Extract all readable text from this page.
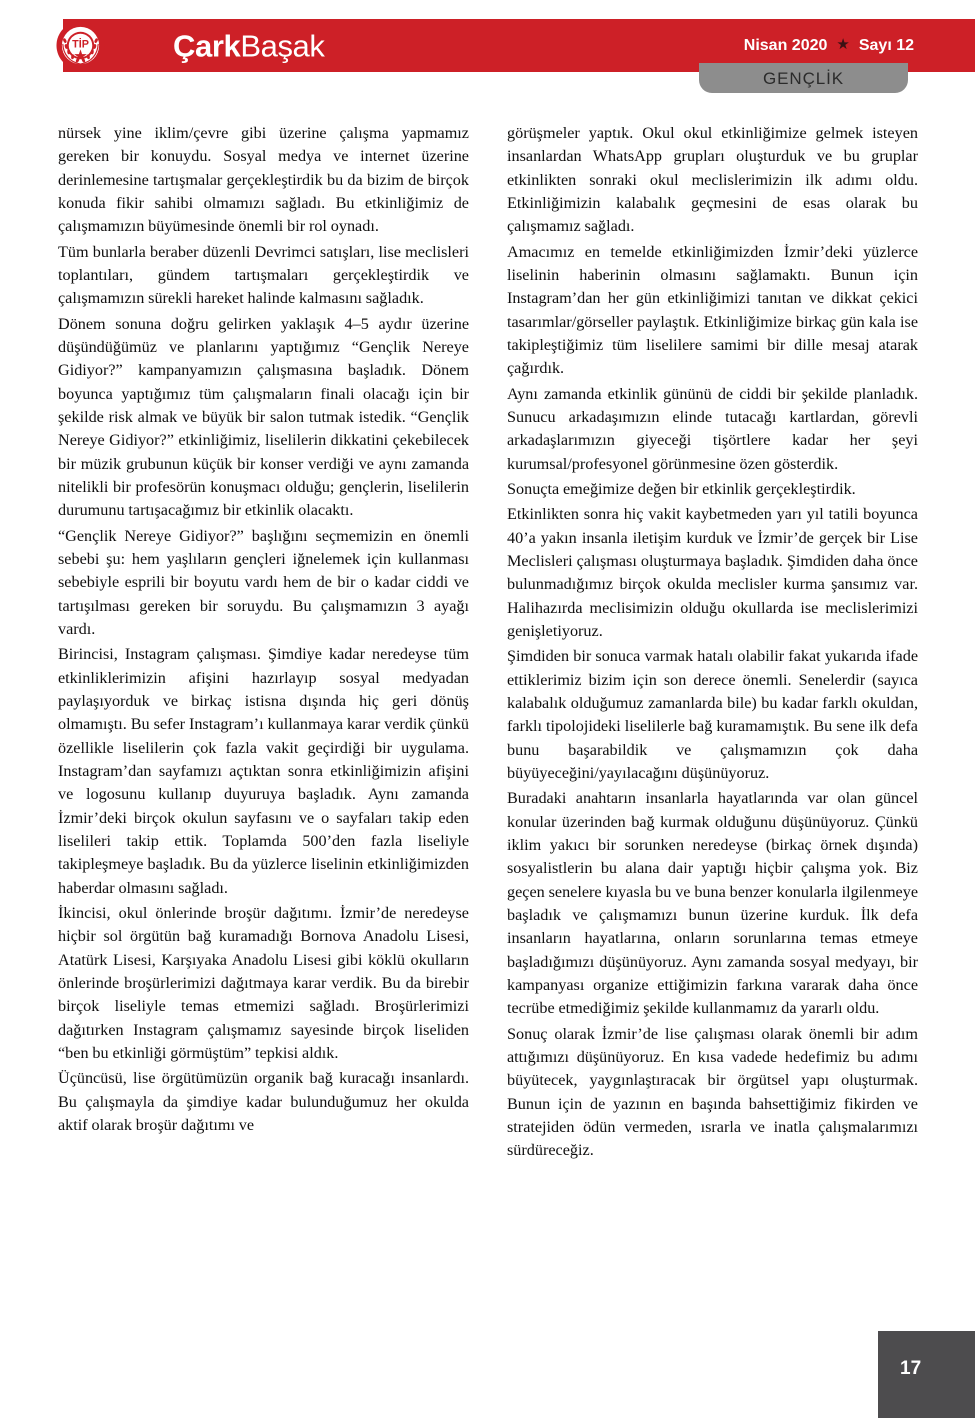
ÇarkBaşak	Nisan 2020 ★ Sayı 12
TİP
GENÇLİK

nürsek yine iklim/çevre gibi üzerine çalışma yapmamız gereken bir konuydu. Sosyal medya ve internet üzerine derinlemesine tartışmalar gerçekleştirdik bu da bizim de birçok konuda fikir sahibi olmamızı sağladı. Bu etkinliğimiz de çalışmamızın büyümesinde önemli bir rol oynadı.

Tüm bunlarla beraber düzenli Devrimci satışları, lise meclisleri toplantıları, gündem tartışmaları gerçekleştirdik ve çalışmamızın sürekli hareket halinde kalmasını sağladık.

Dönem sonuna doğru gelirken yaklaşık 4–5 aydır üzerine düşündüğümüz ve planlarını yaptığımız “Gençlik Nereye Gidiyor?” kampanyamızın çalışmasına başladık. Dönem boyunca yaptığımız tüm çalışmaların finali olacağı için bir şekilde risk almak ve büyük bir salon tutmak istedik. “Gençlik Nereye Gidiyor?” etkinliğimiz, liselilerin dikkatini çekebilecek bir müzik grubunun küçük bir konser verdiği ve aynı zamanda nitelikli bir profesörün konuşmacı olduğu; gençlerin, liselilerin durumunu tartışacağımız bir etkinlik olacaktı.

“Gençlik Nereye Gidiyor?” başlığını seçmemizin en önemli sebebi şu: hem yaşlıların gençleri iğnelemek için kullanması sebebiyle esprili bir boyutu vardı hem de bir o kadar ciddi ve tartışılması gereken bir soruydu. Bu çalışmamızın 3 ayağı vardı.

Birincisi, Instagram çalışması. Şimdiye kadar neredeyse tüm etkinliklerimizin afişini hazırlayıp sosyal medyadan paylaşıyorduk ve birkaç istisna dışında hiç geri dönüş olmamıştı. Bu sefer Instagram’ı kullanmaya karar verdik çünkü özellikle liselilerin çok fazla vakit geçirdiği bir uygulama. Instagram’dan sayfamızı açtıktan sonra etkinliğimizin afişini ve logosunu kullanıp duyuruya başladık. Aynı zamanda İzmir’deki birçok okulun sayfasını ve o sayfaları takip eden liselileri takip ettik. Toplamda 500’den fazla liseliyle takipleşmeye başladık. Bu da yüzlerce liselinin etkinliğimizden haberdar olmasını sağladı.

İkincisi, okul önlerinde broşür dağıtımı. İzmir’de neredeyse hiçbir sol örgütün bağ kuramadığı Bornova Anadolu Lisesi, Atatürk Lisesi, Karşıyaka Anadolu Lisesi gibi köklü okulların önlerinde broşürlerimizi dağıtmaya karar verdik. Bu da birebir birçok liseliyle temas etmemizi sağladı. Broşürlerimizi dağıtırken Instagram çalışmamız sayesinde birçok liseliden “ben bu etkinliği görmüştüm” tepkisi aldık.

Üçüncüsü, lise örgütümüzün organik bağ kuracağı insanlardı. Bu çalışmayla da şimdiye kadar bulunduğumuz her okulda aktif olarak broşür dağıtımı ve

görüşmeler yaptık. Okul okul etkinliğimize gelmek isteyen insanlardan WhatsApp grupları oluşturduk ve bu gruplar etkinlikten sonraki okul meclislerimizin ilk adımı oldu. Etkinliğimizin kalabalık geçmesini de esas olarak bu çalışmamız sağladı.

Amacımız en temelde etkinliğimizden İzmir’deki yüzlerce liselinin haberinin olmasını sağlamaktı. Bunun için Instagram’dan her gün etkinliğimizi tanıtan ve dikkat çekici tasarımlar/görseller paylaştık. Etkinliğimize birkaç gün kala ise takipleştiğimiz tüm liselilere samimi bir dille mesaj atarak çağırdık.

Aynı zamanda etkinlik gününü de ciddi bir şekilde planladık. Sunucu arkadaşımızın elinde tutacağı kartlardan, görevli arkadaşlarımızın giyeceği tişörtlere kadar her şeyi kurumsal/profesyonel görünmesine özen gösterdik.

Sonuçta emeğimize değen bir etkinlik gerçekleştirdik.

Etkinlikten sonra hiç vakit kaybetmeden yarı yıl tatili boyunca 40’a yakın insanla iletişim kurduk ve İzmir’de gerçek bir Lise Meclisleri çalışması oluşturmaya başladık. Şimdiden daha önce bulunmadığımız birçok okulda meclisler kurma şansımız var. Halihazırda meclisimizin olduğu okullarda ise meclislerimizi genişletiyoruz.

Şimdiden bir sonuca varmak hatalı olabilir fakat yukarıda ifade ettiklerimiz bizim için son derece önemli. Senelerdir (sayıca kalabalık olduğumuz zamanlarda bile) bu kadar farklı okuldan, farklı tipolojideki liselilerle bağ kuramamıştık. Bu sene ilk defa bunu başarabildik ve çalışmamızın çok daha büyüyeceğini/yayılacağını düşünüyoruz.

Buradaki anahtarın insanlarla hayatlarında var olan güncel konular üzerinden bağ kurmak olduğunu düşünüyoruz. Çünkü iklim yakıcı bir sorunken neredeyse (birkaç örnek dışında) sosyalistlerin bu alana dair yaptığı hiçbir çalışma yok. Biz geçen senelere kıyasla bu ve buna benzer konularla ilgilenmeye başladık ve çalışmamızı bunun üzerine kurduk. İlk defa insanların hayatlarına, onların sorunlarına temas etmeye başladığımızı düşünüyoruz. Aynı zamanda sosyal medyayı, bir kampanyası organize ettiğimizin farkına vararak daha önce tecrübe etmediğimiz şekilde kullanmamız da yararlı oldu.

Sonuç olarak İzmir’de lise çalışması olarak önemli bir adım attığımızı düşünüyoruz. En kısa vadede hedefimiz bu adımı büyütecek, yaygınlaştıracak bir örgütsel yapı oluşturmak. Bunun için de yazının en başında bahsettiğimiz fikirden ve stratejiden ödün vermeden, ısrarla ve inatla çalışmalarımızı sürdüreceğiz.

17
